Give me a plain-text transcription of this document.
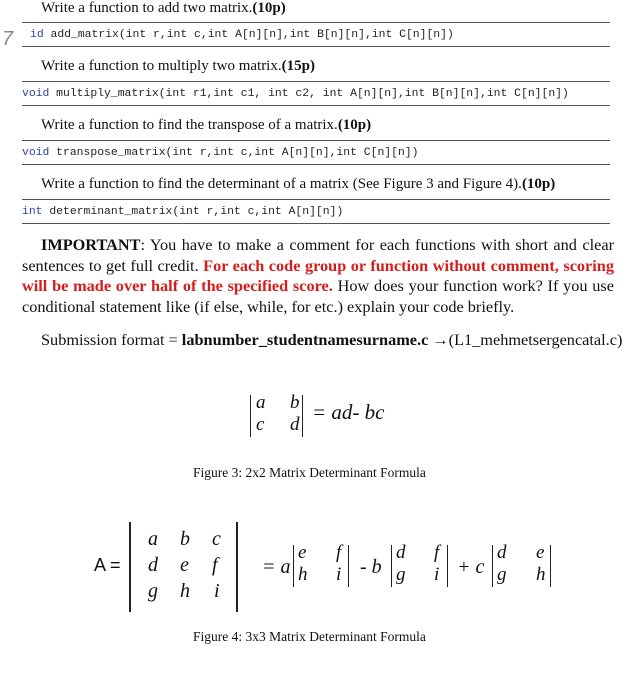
Write a function to add two matrix.(10p)
7	id add_matrix(int r,int c,int A[n][n],int B[n][n],int C[n][n])
Write a function to multiply two matrix.(15p)
void multiply_matrix(int r1,int c1, int c2, int A[n][n],int B[n][n],int C[n][n])
Write a function to find the transpose of a matrix.(10p)
void transpose_matrix(int r,int c,int A[n][n],int C[n][n])
Write a function to find the determinant of a matrix (See Figure 3 and Figure 4).(10p)
int determinant_matrix(int r,int c,int A[n][n])
IMPORTANT: You have to make a comment for each functions with short and clear sentences to get full credit. For each code group or function without comment, scoring will be made over half of the specified score. How does your function work? If you use conditional statement like (if else, while, for etc.) explain your code briefly.
Submission format = labnumber_studentnamesurname.c →(L1_mehmetsergencatal.c)
a b
c d
= ad- bc
Figure 3: 2x2 Matrix Determinant Formula
A =
a b c
d e f
g h i
= a
e f
h i - b
d f
g i + c
d e
g h
Figure 4: 3x3 Matrix Determinant Formula
